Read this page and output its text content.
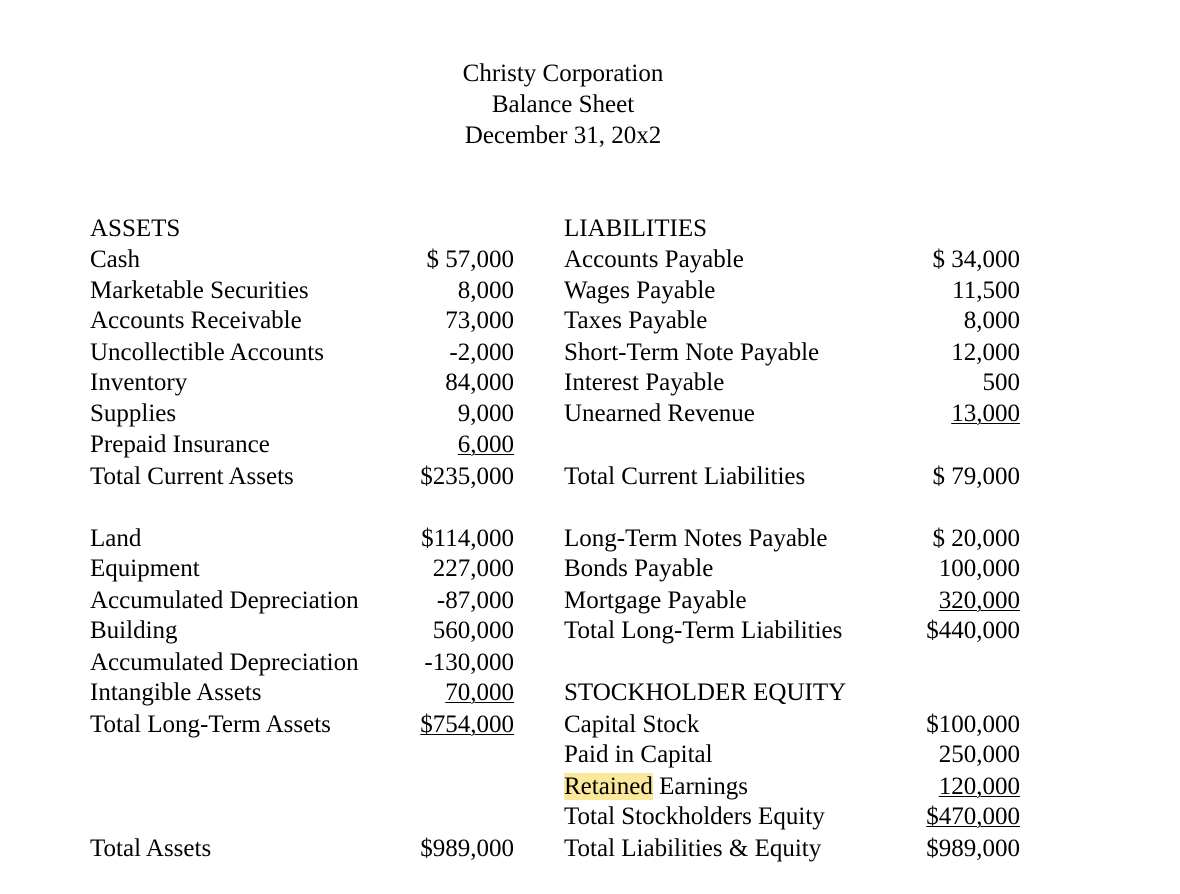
Christy Corporation
Balance Sheet
December 31, 20x2
ASSETS
Cash	$ 57,000
Marketable Securities	8,000
Accounts Receivable	73,000
Uncollectible Accounts	-2,000
Inventory	84,000
Supplies	9,000
Prepaid Insurance	6,000
Total Current Assets	$235,000
Land	$114,000
Equipment	227,000
Accumulated Depreciation	-87,000
Building	560,000
Accumulated Depreciation	-130,000
Intangible Assets	70,000
Total Long-Term Assets	$754,000
Total Assets	$989,000
LIABILITIES
Accounts Payable	$ 34,000
Wages Payable	11,500
Taxes Payable	8,000
Short-Term Note Payable	12,000
Interest Payable	500
Unearned Revenue	13,000
Total Current Liabilities	$ 79,000
Long-Term Notes Payable	$ 20,000
Bonds Payable	100,000
Mortgage Payable	320,000
Total Long-Term Liabilities	$440,000
STOCKHOLDER EQUITY
Capital Stock	$100,000
Paid in Capital	250,000
Retained Earnings	120,000
Total Stockholders Equity	$470,000
Total Liabilities & Equity	$989,000
